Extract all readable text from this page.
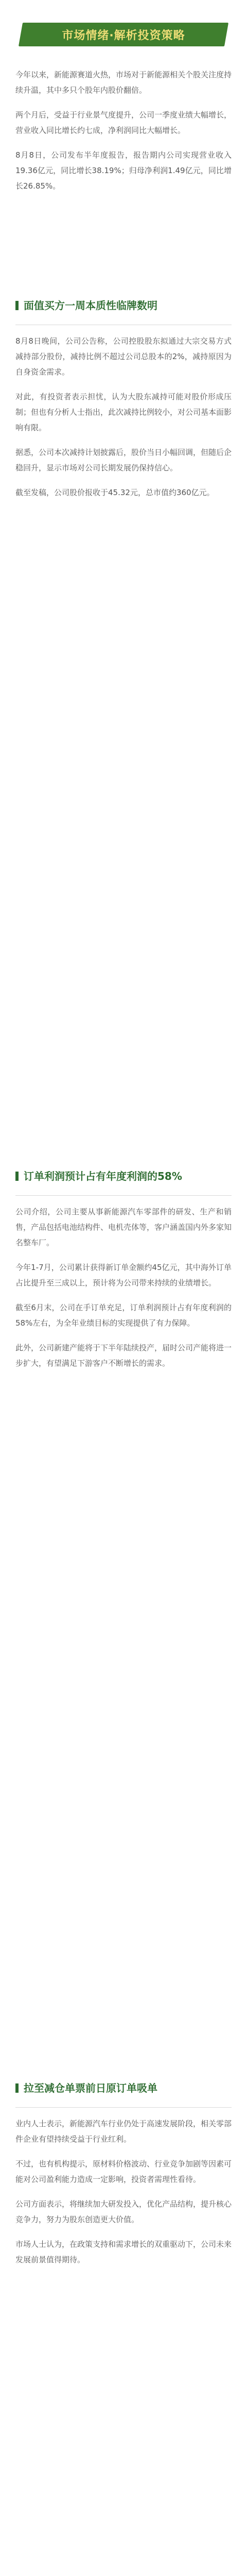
市场情绪·解析投资策略

今年以来，新能源赛道火热，市场对于新能源相关个股关注度持续升温，其中多只个股年内股价翻倍。

两个月后，受益于行业景气度提升，公司一季度业绩大幅增长，营业收入同比增长约七成，净利润同比大幅增长。

8月8日，公司发布半年度报告，报告期内公司实现营业收入19.36亿元，同比增长38.19%；归母净利润1.49亿元，同比增长26.85%。

面值买方一周本质性临牌数明

8月8日晚间，公司公告称，公司控股股东拟通过大宗交易方式减持部分股份，减持比例不超过公司总股本的2%，减持原因为自身资金需求。

对此，有投资者表示担忧，认为大股东减持可能对股价形成压制；但也有分析人士指出，此次减持比例较小，对公司基本面影响有限。

据悉，公司本次减持计划披露后，股价当日小幅回调，但随后企稳回升，显示市场对公司长期发展仍保持信心。

截至发稿，公司股价报收于45.32元，总市值约360亿元。

订单利润预计占有年度利润的58%

公司介绍，公司主要从事新能源汽车零部件的研发、生产和销售，产品包括电池结构件、电机壳体等，客户涵盖国内外多家知名整车厂。

今年1-7月，公司累计获得新订单金额约45亿元，其中海外订单占比提升至三成以上，预计将为公司带来持续的业绩增长。

截至6月末，公司在手订单充足，订单利润预计占有年度利润的58%左右，为全年业绩目标的实现提供了有力保障。

此外，公司新建产能将于下半年陆续投产，届时公司产能将进一步扩大，有望满足下游客户不断增长的需求。

拉至减仓单票前日原订单吸单

业内人士表示，新能源汽车行业仍处于高速发展阶段，相关零部件企业有望持续受益于行业红利。

不过，也有机构提示，原材料价格波动、行业竞争加剧等因素可能对公司盈利能力造成一定影响，投资者需理性看待。

公司方面表示，将继续加大研发投入，优化产品结构，提升核心竞争力，努力为股东创造更大价值。

市场人士认为，在政策支持和需求增长的双重驱动下，公司未来发展前景值得期待。
